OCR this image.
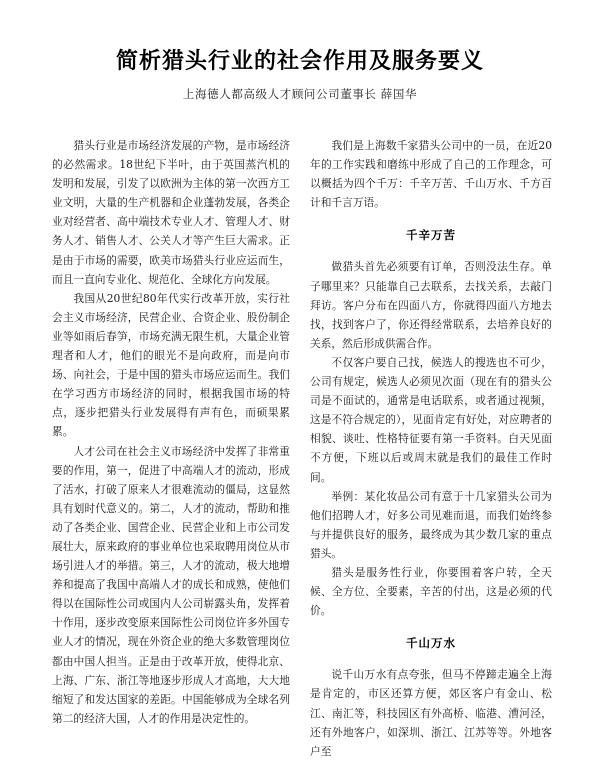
简析猎头行业的社会作用及服务要义
上海德人都高级人才顾问公司董事长 薛国华

猎头行业是市场经济发展的产物，是市场经济的必然需求。18世纪下半叶，由于英国蒸汽机的发明和发展，引发了以欧洲为主体的第一次西方工业文明，大量的生产机器和企业蓬勃发展，各类企业对经营者、高中端技术专业人才、管理人才、财务人才、销售人才、公关人才等产生巨大需求。正是由于市场的需要，欧美市场猎头行业应运而生，而且一直向专业化、规范化、全球化方向发展。

我国从20世纪80年代实行改革开放，实行社会主义市场经济，民营企业、合资企业、股份制企业等如雨后春笋，市场充满无限生机，大量企业管理者和人才，他们的眼光不是向政府，而是向市场、向社会，于是中国的猎头市场应运而生。我们在学习西方市场经济的同时，根据我国市场的特点，逐步把猎头行业发展得有声有色，而硕果累累。

人才公司在社会主义市场经济中发挥了非常重要的作用，第一，促进了中高端人才的流动，形成了活水，打破了原来人才很难流动的僵局，这显然具有划时代意义的。第二，人才的流动，帮助和推动了各类企业、国营企业、民营企业和上市公司发展壮大，原来政府的事业单位也采取聘用岗位从市场引进人才的举措。第三，人才的流动，极大地增养和提高了我国中高端人才的成长和成熟，使他们得以在国际性公司或国内人公司崭露头角，发挥着十作用，逐步改变原来国际性公司岗位许多外国专业人才的情况，现在外资企业的绝大多数管理岗位都由中国人担当。正是由于改革开放，使得北京、上海、广东、浙江等地逐步形成人才高地，大大地缩短了和发达国家的差距。中国能够成为全球名列第二的经济大国，人才的作用是决定性的。

我们是上海数千家猎头公司中的一员，在近20年的工作实践和磨练中形成了自己的工作理念，可以概括为四个千万：千辛万苦、千山万水、千方百计和千言万语。

千辛万苦

做猎头首先必须要有订单，否则没法生存。单子哪里来？只能靠自己去联系，去找关系，去敲门拜访。客户分布在四面八方，你就得四面八方地去找，找到客户了，你还得经常联系，去培养良好的关系，然后形成供需合作。

不仅客户要自己找，候选人的搜选也不可少，公司有规定，候选人必须见次面（现在有的猎头公司是不面试的，通常是电话联系，或者通过视频，这是不符合规定的），见面肯定有好处，对应聘者的相貌、谈吐、性格特征要有第一手资料。白天见面不方便，下班以后或周末就是我们的最佳工作时间。

举例：某化妆品公司有意于十几家猎头公司为他们招聘人才，好多公司见难而退，而我们始终参与并提供良好的服务，最终成为其少数几家的重点猎头。

猎头是服务性行业，你要围着客户转，全天候、全方位、全要素，辛苦的付出，这是必须的代价。

千山万水

说千山万水有点夸张，但马不停蹄走遍全上海是肯定的，市区还算方便，郊区客户有金山、松江、南汇等，科技园区有外高桥、临港、漕河泾，还有外地客户，如深圳、浙江、江苏等等。外地客户至
